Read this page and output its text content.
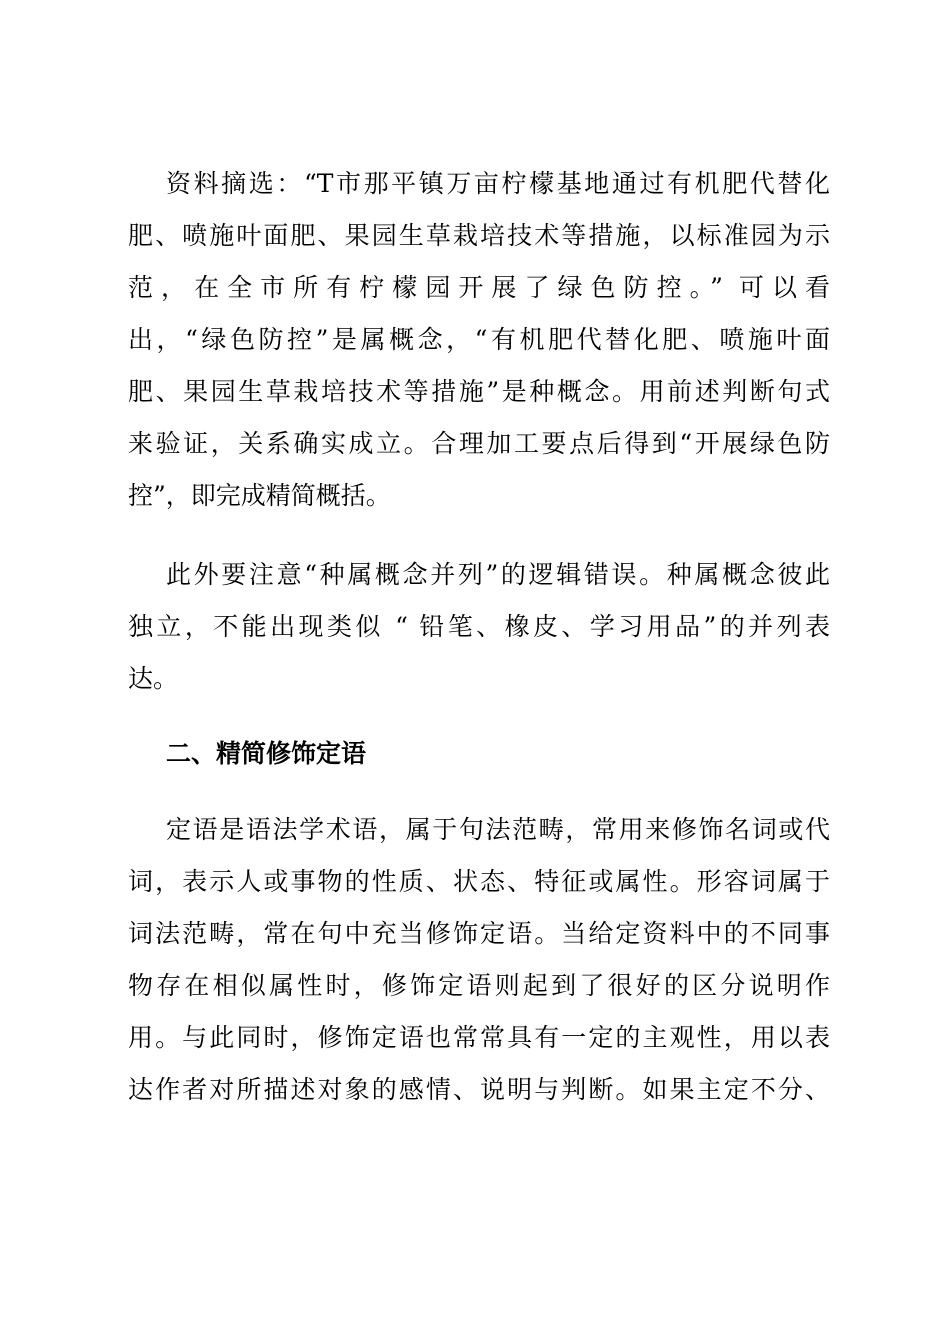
资料摘选：“T市那平镇万亩柠檬基地通过有机肥代替化
肥、喷施叶面肥、果园生草栽培技术等措施，以标准园为示
范，在全市所有柠檬园开展了绿色防控。” 可以看
出，“绿色防控”是属概念，“有机肥代替化肥、喷施叶面
肥、果园生草栽培技术等措施”是种概念。用前述判断句式
来验证，关系确实成立。合理加工要点后得到“开展绿色防
控”，即完成精简概括。
此外要注意“种属概念并列”的逻辑错误。种属概念彼此
独立，不能出现类似 “ 铅笔、橡皮、学习用品”的并列表
达。
二、精简修饰定语
定语是语法学术语，属于句法范畴，常用来修饰名词或代
词，表示人或事物的性质、状态、特征或属性。形容词属于
词法范畴，常在句中充当修饰定语。当给定资料中的不同事
物存在相似属性时，修饰定语则起到了很好的区分说明作
用。与此同时，修饰定语也常常具有一定的主观性，用以表
达作者对所描述对象的感情、说明与判断。如果主定不分、
